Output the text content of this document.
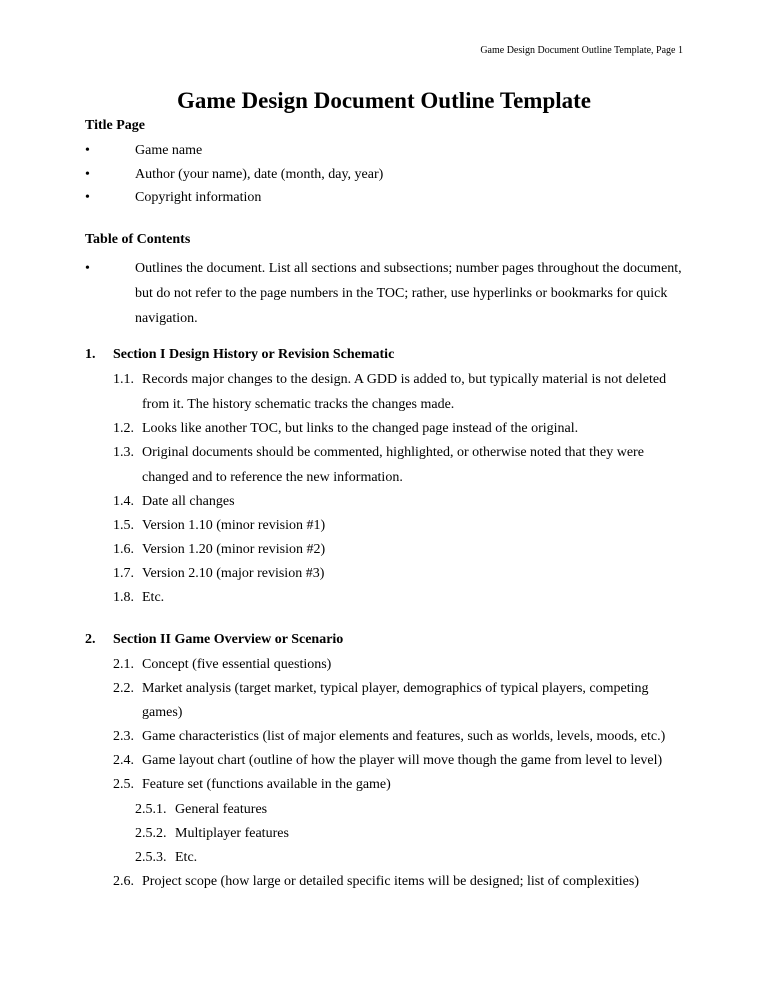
Game Design Document Outline Template, Page 1
Game Design Document Outline Template
Title Page
•	Game name
•	Author (your name), date (month, day, year)
•	Copyright information
Table of Contents
•	Outlines the document. List all sections and subsections; number pages throughout the document,
but do not refer to the page numbers in the TOC; rather, use hyperlinks or bookmarks for quick
navigation.
1. Section I Design History or Revision Schematic
1.1. Records major changes to the design. A GDD is added to, but typically material is not deleted
from it. The history schematic tracks the changes made.
1.2. Looks like another TOC, but links to the changed page instead of the original.
1.3. Original documents should be commented, highlighted, or otherwise noted that they were
changed and to reference the new information.
1.4. Date all changes
1.5. Version 1.10 (minor revision #1)
1.6. Version 1.20 (minor revision #2)
1.7. Version 2.10 (major revision #3)
1.8. Etc.
2. Section II Game Overview or Scenario
2.1. Concept (five essential questions)
2.2. Market analysis (target market, typical player, demographics of typical players, competing
games)
2.3. Game characteristics (list of major elements and features, such as worlds, levels, moods, etc.)
2.4. Game layout chart (outline of how the player will move though the game from level to level)
2.5. Feature set (functions available in the game)
2.5.1. General features
2.5.2. Multiplayer features
2.5.3. Etc.
2.6. Project scope (how large or detailed specific items will be designed; list of complexities)
